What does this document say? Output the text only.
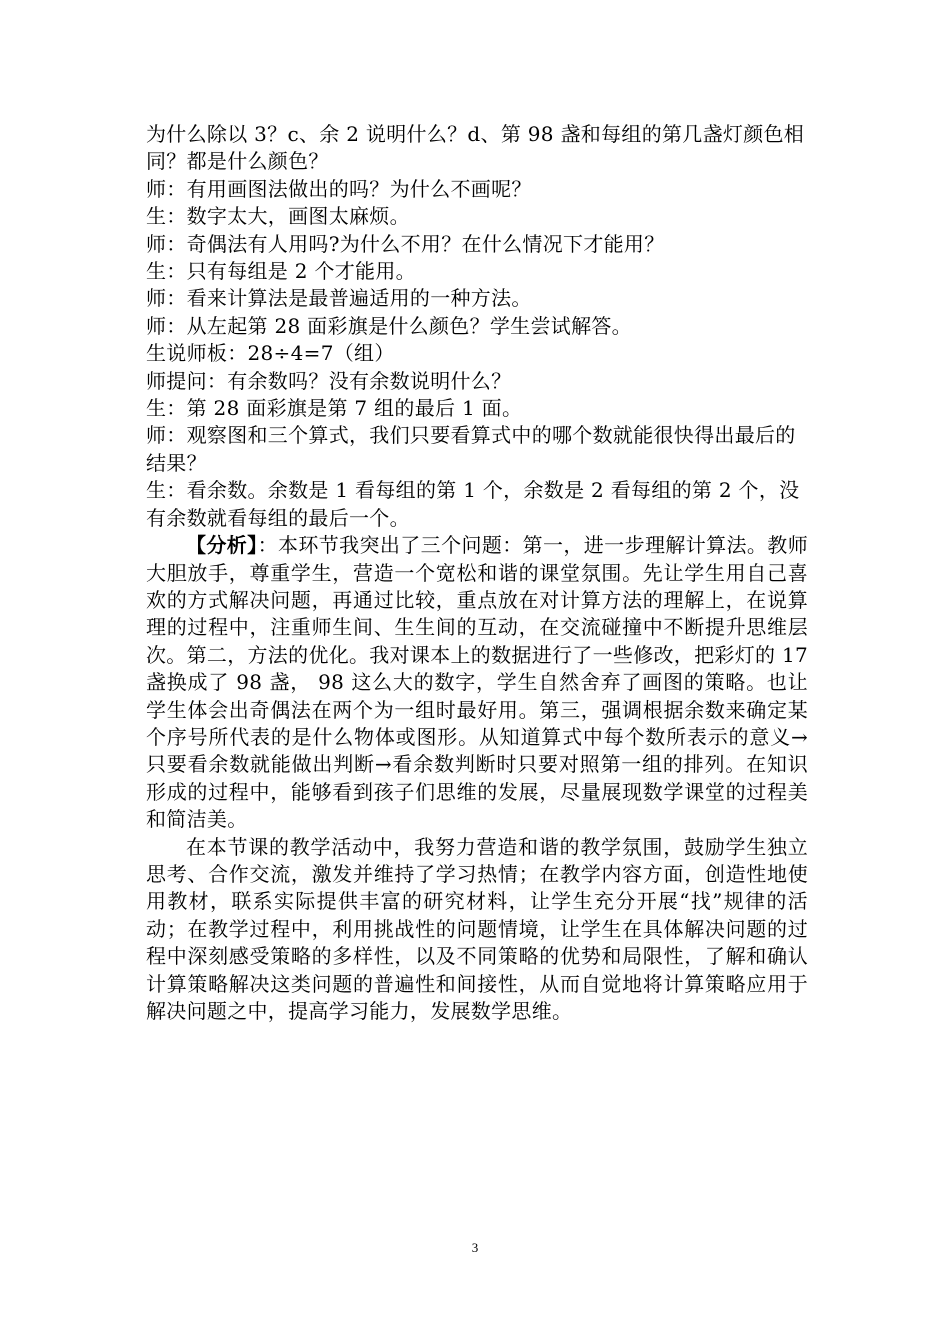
为什么除以 3？c、余 2 说明什么？d、第 98 盏和每组的第几盏灯颜色相同？都是什么颜色？

师：有用画图法做出的吗？为什么不画呢？

生：数字太大，画图太麻烦。

师：奇偶法有人用吗?为什么不用？在什么情况下才能用？

生：只有每组是 2 个才能用。

师：看来计算法是最普遍适用的一种方法。

师：从左起第 28 面彩旗是什么颜色？学生尝试解答。

生说师板：28÷4=7（组）

师提问：有余数吗？没有余数说明什么？

生：第 28 面彩旗是第 7 组的最后 1 面。

师：观察图和三个算式，我们只要看算式中的哪个数就能很快得出最后的结果？

生：看余数。余数是 1 看每组的第 1 个，余数是 2 看每组的第 2 个，没有余数就看每组的最后一个。

【分析】：本环节我突出了三个问题：第一，进一步理解计算法。教师大胆放手，尊重学生，营造一个宽松和谐的课堂氛围。先让学生用自己喜欢的方式解决问题，再通过比较，重点放在对计算方法的理解上，在说算理的过程中，注重师生间、生生间的互动，在交流碰撞中不断提升思维层次。第二，方法的优化。我对课本上的数据进行了一些修改，把彩灯的 17 盏换成了 98 盏， 98 这么大的数字，学生自然舍弃了画图的策略。也让学生体会出奇偶法在两个为一组时最好用。第三，强调根据余数来确定某个序号所代表的是什么物体或图形。从知道算式中每个数所表示的意义→只要看余数就能做出判断→看余数判断时只要对照第一组的排列。在知识形成的过程中，能够看到孩子们思维的发展，尽量展现数学课堂的过程美和简洁美。

在本节课的教学活动中，我努力营造和谐的教学氛围，鼓励学生独立思考、合作交流，激发并维持了学习热情；在教学内容方面，创造性地使用教材，联系实际提供丰富的研究材料，让学生充分开展“找”规律的活动；在教学过程中，利用挑战性的问题情境，让学生在具体解决问题的过程中深刻感受策略的多样性，以及不同策略的优势和局限性，了解和确认计算策略解决这类问题的普遍性和间接性，从而自觉地将计算策略应用于解决问题之中，提高学习能力，发展数学思维。

3
